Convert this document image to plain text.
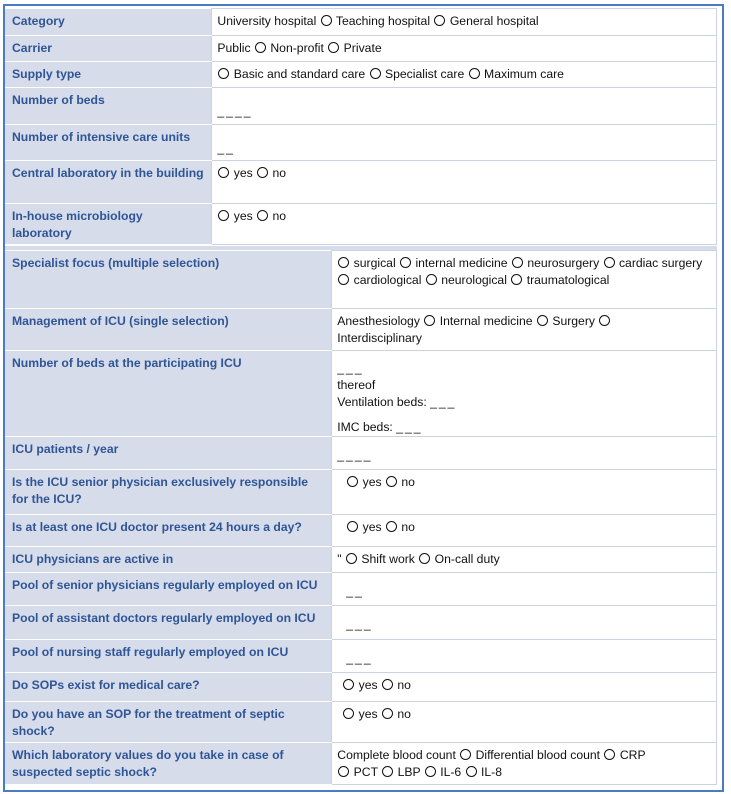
Category	University hospital Teaching hospital General hospital
Carrier	Public Non-profit Private
Supply type	Basic and standard care Specialist care Maximum care
Number of beds	____

Number of intensive care units	__

Central laboratory in the building	yes no
In-house microbiology laboratory	yes no
Specialist focus (multiple selection)	surgical internal medicine neurosurgery cardiac surgery
cardiological neurological traumatological
Management of ICU (single selection)	Anesthesiology Internal medicine Surgery
Interdisciplinary
Number of beds at the participating ICU	___
thereof
Ventilation beds: ___
IMC beds: ___

ICU patients / year	____

Is the ICU senior physician exclusively responsible for the ICU?	yes no
Is at least one ICU doctor present 24 hours a day?	yes no
ICU physicians are active in	" Shift work On-call duty
Pool of senior physicians regularly employed on ICU	__

Pool of assistant doctors regularly employed on ICU	___

Pool of nursing staff regularly employed on ICU	___

Do SOPs exist for medical care?	yes no
Do you have an SOP for the treatment of septic shock?	yes no
Which laboratory values do you take in case of suspected septic shock?	Complete blood count Differential blood count CRP
PCT LBP IL-6 IL-8
